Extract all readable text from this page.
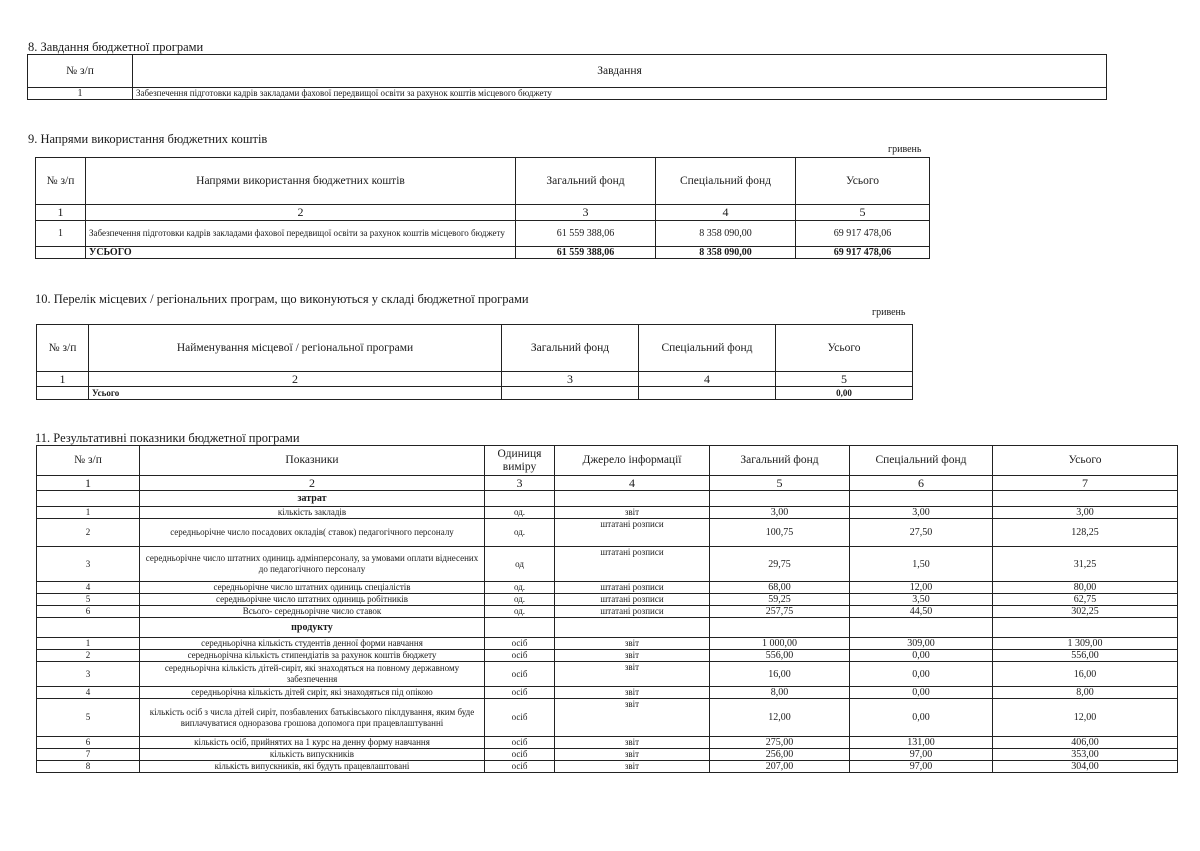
8. Завдання бюджетної програми
№ з/п	Завдання
1	Забезпечення підготовки кадрів закладами фахової передвищої освіти за рахунок коштів місцевого бюджету
9. Напрями використання бюджетних коштів
гривень
№ з/п	Напрями використання бюджетних коштів	Загальний фонд	Спеціальний фонд	Усього
1	2	3	4	5
1	Забезпечення підготовки кадрів закладами фахової передвищої освіти за рахунок коштів місцевого бюджету	61 559 388,06	8 358 090,00	69 917 478,06
	УСЬОГО	61 559 388,06	8 358 090,00	69 917 478,06
10. Перелік місцевих / регіональних програм, що виконуються у складі бюджетної програми
гривень
№ з/п	Найменування місцевої / регіональної програми	Загальний фонд	Спеціальний фонд	Усього
1	2	3	4	5
	Усього			0,00
11. Результативні показники бюджетної програми
№ з/п	Показники	Одиниця виміру	Джерело інформації	Загальний фонд	Спеціальний фонд	Усього
1	2	3	4	5	6	7
	затрат					
1	кількість закладів	од.	звіт	3,00	3,00	3,00
2	середньорічне число посадових окладів( ставок) педагогічного персоналу	од.	штатані розписи	100,75	27,50	128,25
3	середньорічне число штатних одиниць адмінперсоналу, за умовами оплати віднесених до педагогічного персоналу	од	штатані розписи	29,75	1,50	31,25
4	середньорічне число штатних одиниць спеціалістів	од.	штатані розписи	68,00	12,00	80,00
5	середньорічне число штатних одиниць робітників	од.	штатані розписи	59,25	3,50	62,75
6	Всього- середньорічне число ставок	од.	штатані розписи	257,75	44,50	302,25
	продукту					
1	середньорічна кількість студентів денної форми навчання	осіб	звіт	1 000,00	309,00	1 309,00
2	середньорічна кількість стипендіатів за рахунок коштів бюджету	осіб	звіт	556,00	0,00	556,00
3	середньорічна кількість дітей-сиріт, які знаходяться на повному державному забезпечення	осіб	звіт	16,00	0,00	16,00
4	середньорічна кількість дітей сиріт, які знаходяться під опікою	осіб	звіт	8,00	0,00	8,00
5	кількість осіб з числа дітей сиріт, позбавлених батьківського піклдування, яким буде виплачуватися одноразова грошова допомога при працевлаштуванні	осіб	звіт	12,00	0,00	12,00
6	кількість осіб, прийнятих на 1 курс на денну форму навчання	осіб	звіт	275,00	131,00	406,00
7	кількість випускників	осіб	звіт	256,00	97,00	353,00
8	кількість випускників, які будуть працевлаштовані	осіб	звіт	207,00	97,00	304,00
